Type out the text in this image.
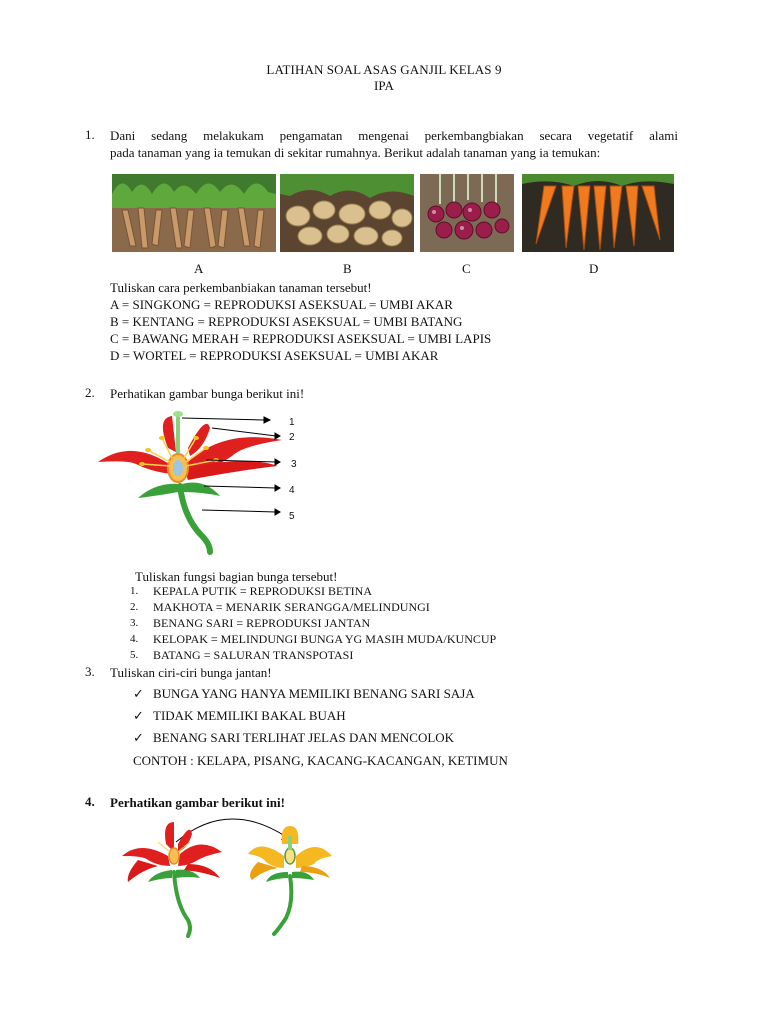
LATIHAN SOAL ASAS GANJIL KELAS 9
IPA
1. Dani sedang melakukam pengamatan mengenai perkembangbiakan secara vegetatif alami
pada tanaman yang ia temukan di sekitar rumahnya. Berikut adalah tanaman yang ia temukan:
A	B	C	D
Tuliskan cara perkembanbiakan tanaman tersebut!
A = SINGKONG = REPRODUKSI ASEKSUAL = UMBI AKAR
B = KENTANG = REPRODUKSI ASEKSUAL = UMBI BATANG
C = BAWANG MERAH = REPRODUKSI ASEKSUAL = UMBI LAPIS
D = WORTEL = REPRODUKSI ASEKSUAL = UMBI AKAR
2. Perhatikan gambar bunga berikut ini!
1
2
3
4
5
Tuliskan fungsi bagian bunga tersebut!
1. KEPALA PUTIK = REPRODUKSI BETINA
2. MAKHOTA = MENARIK SERANGGA/MELINDUNGI
3. BENANG SARI = REPRODUKSI JANTAN
4. KELOPAK = MELINDUNGI BUNGA YG MASIH MUDA/KUNCUP
5. BATANG = SALURAN TRANSPOTASI
3. Tuliskan ciri-ciri bunga jantan!
✓ BUNGA YANG HANYA MEMILIKI BENANG SARI SAJA
✓ TIDAK MEMILIKI BAKAL BUAH
✓ BENANG SARI TERLIHAT JELAS DAN MENCOLOK
CONTOH : KELAPA, PISANG, KACANG-KACANGAN, KETIMUN
4. Perhatikan gambar berikut ini!
